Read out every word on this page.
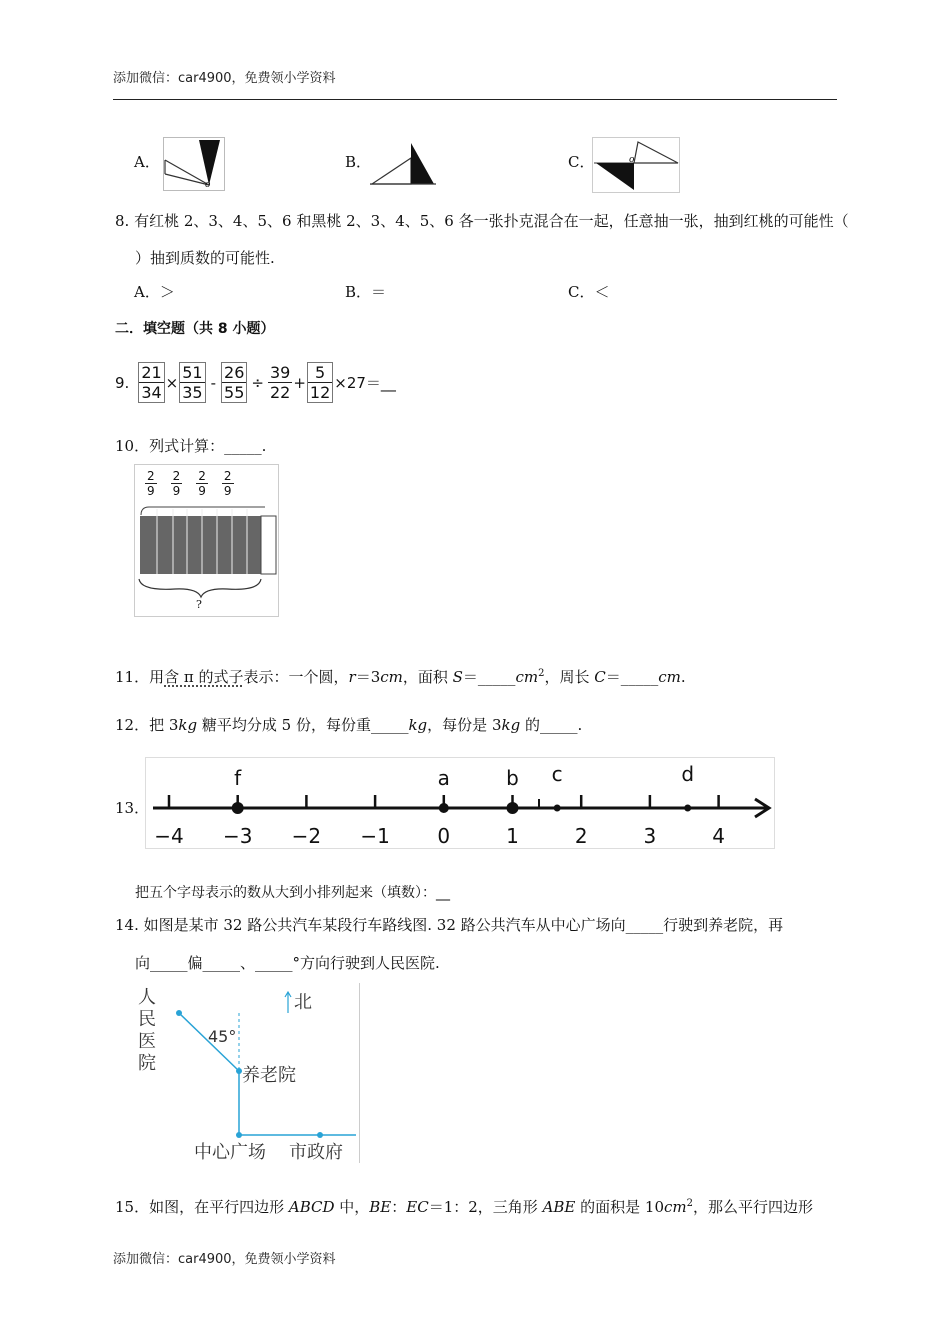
添加微信：car4900，免费领小学资料
A．
o
B．	C．	o
8. 有红桃 2、3、4、5、6 和黑桃 2、3、4、5、6 各一张扑克混合在一起，任意抽一张，抽到红桃的可能性（
）抽到质数的可能性.
A．＞	B．＝	C．＜
二．填空题（共 8 小题）
9. $\frac{21}{34} \times \frac{51}{35} - \frac{26}{55} \div \frac{39}{22} + \frac{5}{12}$ ×27＝__
10．列式计算：_____.
$\frac{2}{9} \frac{2}{9} \frac{2}{9} \frac{2}{9}$
?
11．用含 π 的式子表示：一个圆，r＝3cm，面积 $S=\_\_\_\_\_cm^2$，周长 C＝_____cm.
12．把 3kg 糖平均分成 5 份，每份重_____kg，每份是 3kg 的_____.
13．
−4 −3 −2 −1 0	1	2	3	4
f	a	b c	d
把五个字母表示的数从大到小排列起来（填数）：__
14. 如图是某市 32 路公共汽车某段行车路线图. 32 路公共汽车从中心广场向_____行驶到养老院，再
向_____偏_____、_____°方向行驶到人民医院.
人民医院
北
45°
养老院
中心广场 市政府
15．如图，在平行四边形 ABCD 中，BE：EC＝1：2，三角形 ABE 的面积是 $10cm^2$，那么平行四边形
添加微信：car4900，免费领小学资料
